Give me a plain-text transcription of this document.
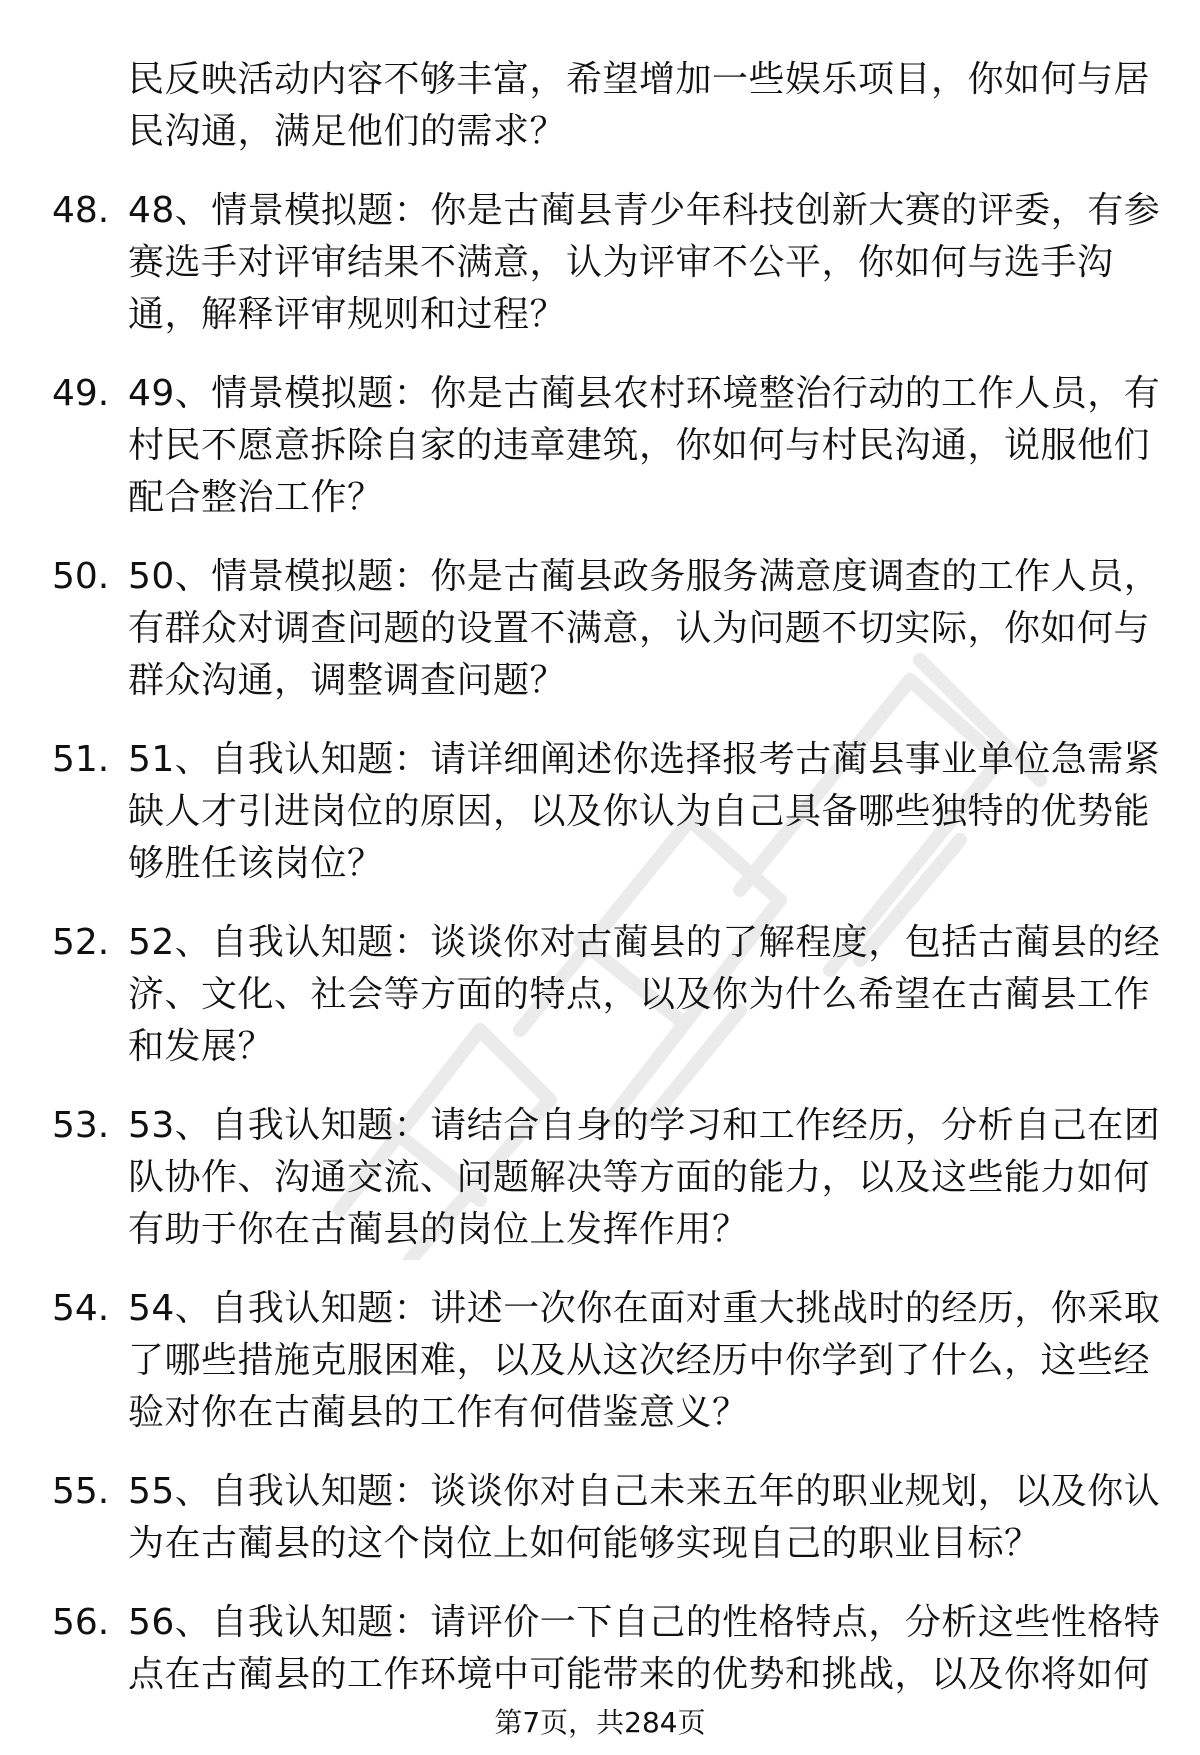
民反映活动内容不够丰富，希望增加一些娱乐项目，你如何与居
民沟通，满足他们的需求？
48. 48、情景模拟题：你是古蔺县青少年科技创新大赛的评委，有参
赛选手对评审结果不满意，认为评审不公平，你如何与选手沟
通，解释评审规则和过程？
49. 49、情景模拟题：你是古蔺县农村环境整治行动的工作人员，有
村民不愿意拆除自家的违章建筑，你如何与村民沟通，说服他们
配合整治工作？
50. 50、情景模拟题：你是古蔺县政务服务满意度调查的工作人员，
有群众对调查问题的设置不满意，认为问题不切实际，你如何与
群众沟通，调整调查问题？
51. 51、自我认知题：请详细阐述你选择报考古蔺县事业单位急需紧
缺人才引进岗位的原因，以及你认为自己具备哪些独特的优势能
够胜任该岗位？
52. 52、自我认知题：谈谈你对古蔺县的了解程度，包括古蔺县的经
济、文化、社会等方面的特点，以及你为什么希望在古蔺县工作
和发展？
53. 53、自我认知题：请结合自身的学习和工作经历，分析自己在团
队协作、沟通交流、问题解决等方面的能力，以及这些能力如何
有助于你在古蔺县的岗位上发挥作用？
54. 54、自我认知题：讲述一次你在面对重大挑战时的经历，你采取
了哪些措施克服困难，以及从这次经历中你学到了什么，这些经
验对你在古蔺县的工作有何借鉴意义？
55. 55、自我认知题：谈谈你对自己未来五年的职业规划，以及你认
为在古蔺县的这个岗位上如何能够实现自己的职业目标？
56. 56、自我认知题：请评价一下自己的性格特点，分析这些性格特
点在古蔺县的工作环境中可能带来的优势和挑战，以及你将如何
第7页，共284页
